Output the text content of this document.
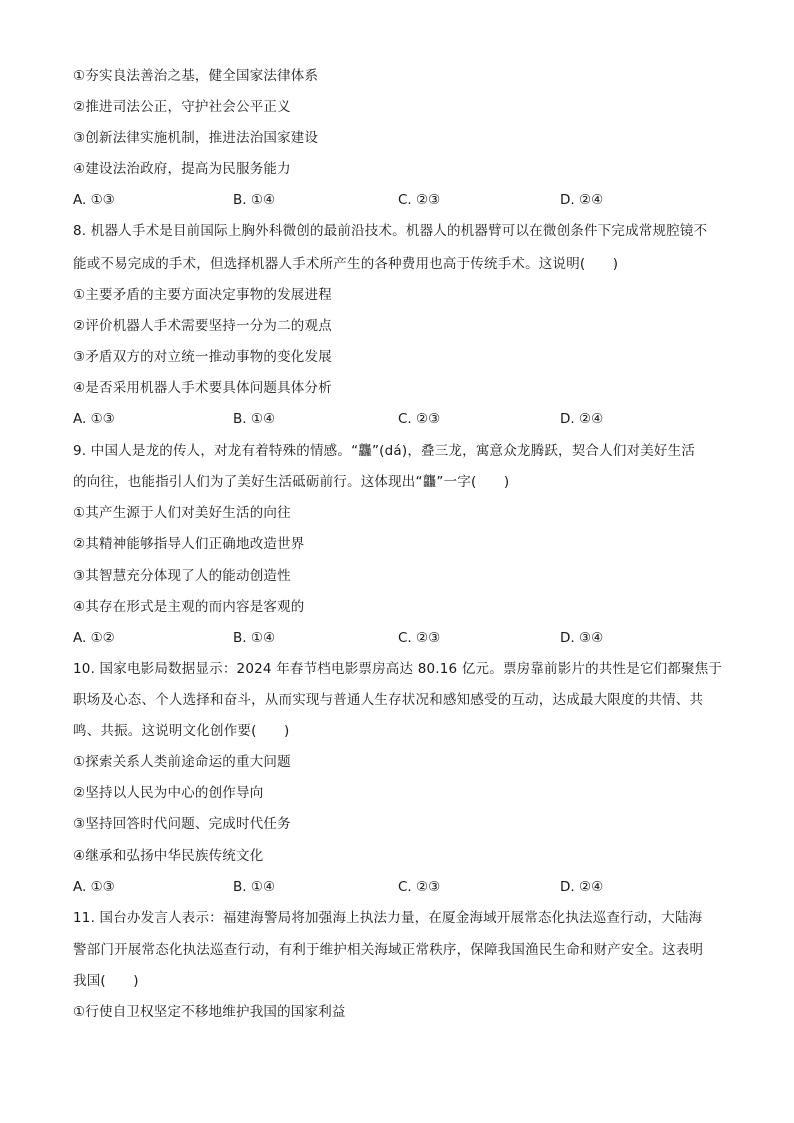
①夯实良法善治之基，健全国家法律体系
②推进司法公正，守护社会公平正义
③创新法律实施机制，推进法治国家建设
④建设法治政府，提高为民服务能力
A. ①③	B. ①④	C. ②③	D. ②④
8. 机器人手术是目前国际上胸外科微创的最前沿技术。机器人的机器臂可以在微创条件下完成常规腔镜不
能或不易完成的手术，但选择机器人手术所产生的各种费用也高于传统手术。这说明(　　)
①主要矛盾的主要方面决定事物的发展进程
②评价机器人手术需要坚持一分为二的观点
③矛盾双方的对立统一推动事物的变化发展
④是否采用机器人手术要具体问题具体分析
A. ①③	B. ①④	C. ②③	D. ②④
9. 中国人是龙的传人，对龙有着特殊的情感。“龘”(dá)，叠三龙，寓意众龙腾跃，契合人们对美好生活
的向往，也能指引人们为了美好生活砥砺前行。这体现出“龘”一字(　　)
①其产生源于人们对美好生活的向往
②其精神能够指导人们正确地改造世界
③其智慧充分体现了人的能动创造性
④其存在形式是主观的而内容是客观的
A. ①②	B. ①④	C. ②③	D. ③④
10. 国家电影局数据显示：2024 年春节档电影票房高达 80.16 亿元。票房靠前影片的共性是它们都聚焦于
职场及心态、个人选择和奋斗，从而实现与普通人生存状况和感知感受的互动，达成最大限度的共情、共
鸣、共振。这说明文化创作要(　　)
①探索关系人类前途命运的重大问题
②坚持以人民为中心的创作导向
③坚持回答时代问题、完成时代任务
④继承和弘扬中华民族传统文化
A. ①③	B. ①④	C. ②③	D. ②④
11. 国台办发言人表示：福建海警局将加强海上执法力量，在厦金海域开展常态化执法巡查行动，大陆海
警部门开展常态化执法巡查行动，有利于维护相关海域正常秩序，保障我国渔民生命和财产安全。这表明
我国(　　)
①行使自卫权坚定不移地维护我国的国家利益
